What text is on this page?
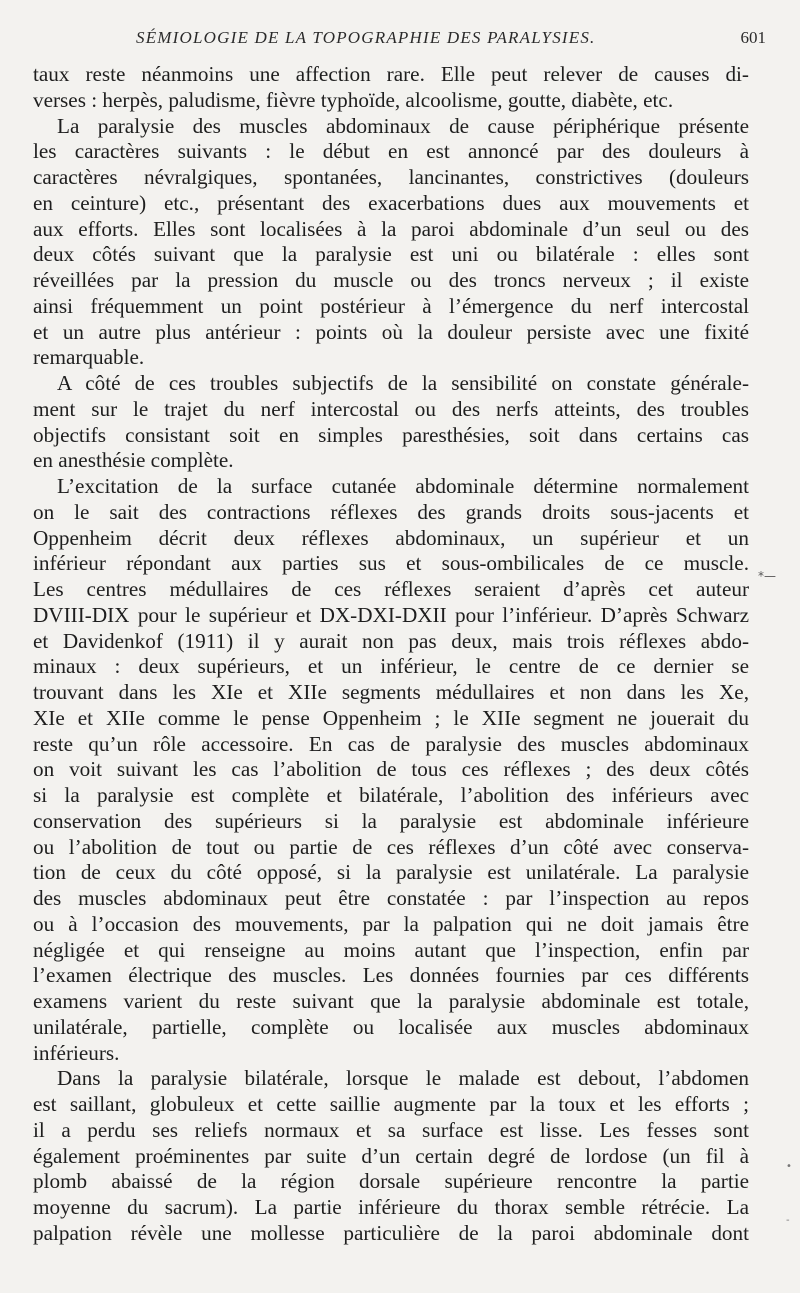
SÉMIOLOGIE DE LA TOPOGRAPHIE DES PARALYSIES.	601
taux reste néanmoins une affection rare. Elle peut relever de causes di-
verses : herpès, paludisme, fièvre typhoïde, alcoolisme, goutte, diabète, etc.
La paralysie des muscles abdominaux de cause périphérique présente
les caractères suivants : le début en est annoncé par des douleurs à
caractères névralgiques, spontanées, lancinantes, constrictives (douleurs
en ceinture) etc., présentant des exacerbations dues aux mouvements et
aux efforts. Elles sont localisées à la paroi abdominale d’un seul ou des
deux côtés suivant que la paralysie est uni ou bilatérale : elles sont
réveillées par la pression du muscle ou des troncs nerveux ; il existe
ainsi fréquemment un point postérieur à l’émergence du nerf intercostal
et un autre plus antérieur : points où la douleur persiste avec une fixité
remarquable.
A côté de ces troubles subjectifs de la sensibilité on constate générale-
ment sur le trajet du nerf intercostal ou des nerfs atteints, des troubles
objectifs consistant soit en simples paresthésies, soit dans certains cas
en anesthésie complète.
L’excitation de la surface cutanée abdominale détermine normalement
on le sait des contractions réflexes des grands droits sous-jacents et
Oppenheim décrit deux réflexes abdominaux, un supérieur et un
inférieur répondant aux parties sus et sous-ombilicales de ce muscle.
Les centres médullaires de ces réflexes seraient d’après cet auteur
DVIII-DIX pour le supérieur et DX-DXI-DXII pour l’inférieur. D’après Schwarz
et Davidenkof (1911) il y aurait non pas deux, mais trois réflexes abdo-
minaux : deux supérieurs, et un inférieur, le centre de ce dernier se
trouvant dans les XIe et XIIe segments médullaires et non dans les Xe,
XIe et XIIe comme le pense Oppenheim ; le XIIe segment ne jouerait du
reste qu’un rôle accessoire. En cas de paralysie des muscles abdominaux
on voit suivant les cas l’abolition de tous ces réflexes ; des deux côtés
si la paralysie est complète et bilatérale, l’abolition des inférieurs avec
conservation des supérieurs si la paralysie est abdominale inférieure
ou l’abolition de tout ou partie de ces réflexes d’un côté avec conserva-
tion de ceux du côté opposé, si la paralysie est unilatérale. La paralysie
des muscles abdominaux peut être constatée : par l’inspection au repos
ou à l’occasion des mouvements, par la palpation qui ne doit jamais être
négligée et qui renseigne au moins autant que l’inspection, enfin par
l’examen électrique des muscles. Les données fournies par ces différents
examens varient du reste suivant que la paralysie abdominale est totale,
unilatérale, partielle, complète ou localisée aux muscles abdominaux
inférieurs.
Dans la paralysie bilatérale, lorsque le malade est debout, l’abdomen
est saillant, globuleux et cette saillie augmente par la toux et les efforts ;
il a perdu ses reliefs normaux et sa surface est lisse. Les fesses sont
également proéminentes par suite d’un certain degré de lordose (un fil à
plomb abaissé de la région dorsale supérieure rencontre la partie
moyenne du sacrum). La partie inférieure du thorax semble rétrécie. La
palpation révèle une mollesse particulière de la paroi abdominale dont
*—
•
-
